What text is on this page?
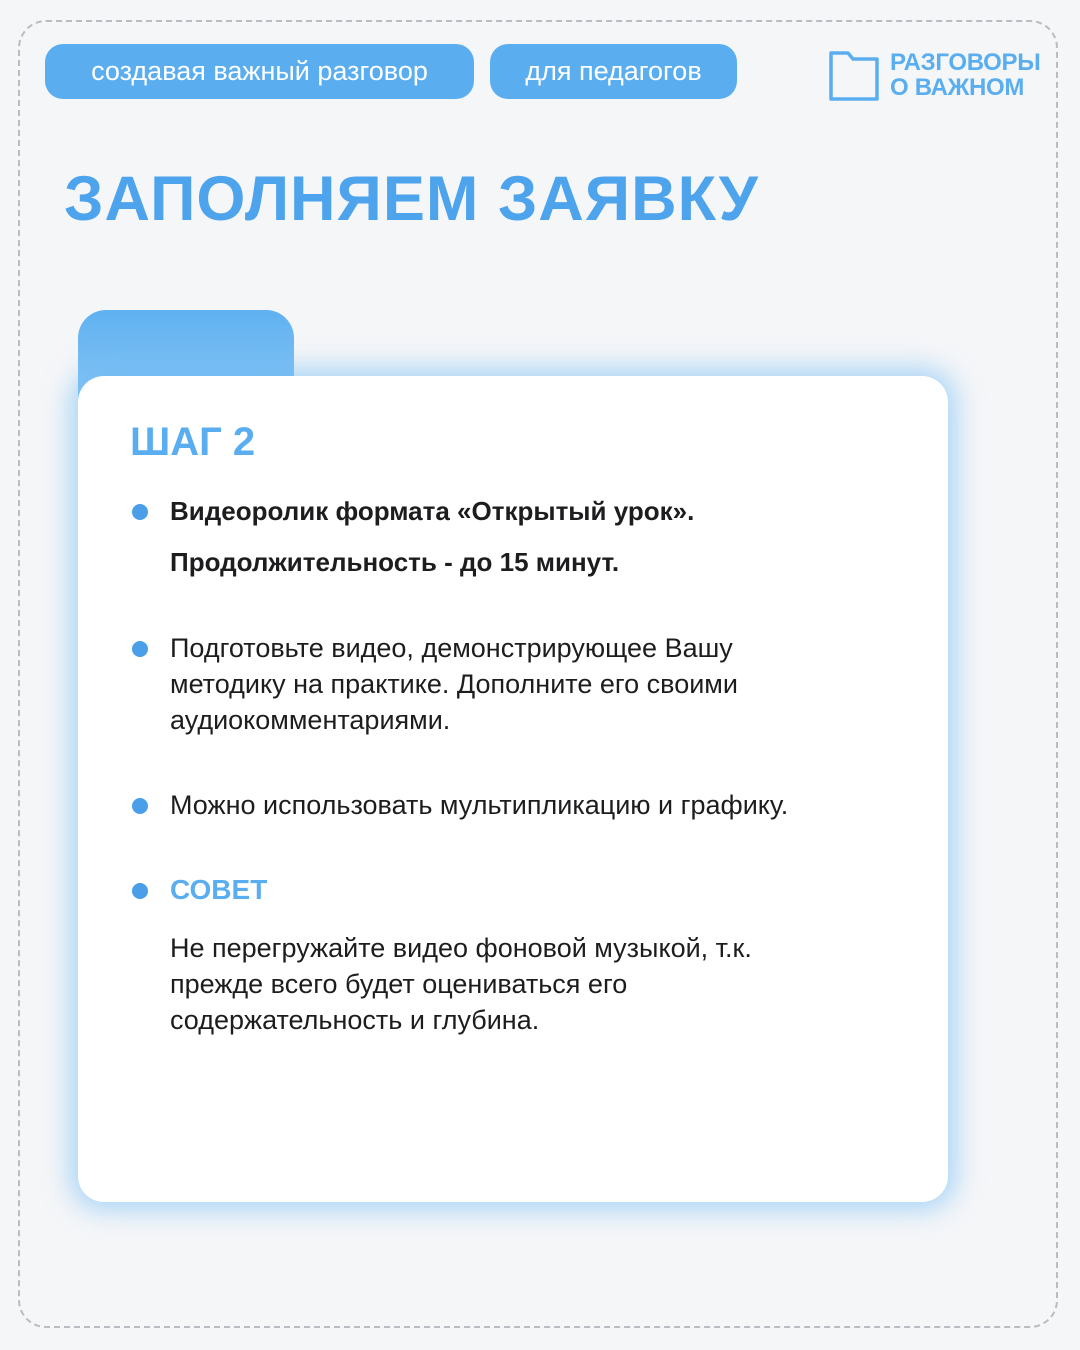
создавая важный разговор	для педагогов	РАЗГОВОРЫ
О ВАЖНОМ
ЗАПОЛНЯЕМ ЗАЯВКУ
ШАГ 2
Видеоролик формата «Открытый урок».
Продолжительность - до 15 минут.
Подготовьте видео, демонстрирующее Вашу методику на практике. Дополните его своими аудиокомментариями.
Можно использовать мультипликацию и графику.
СОВЕТ
Не перегружайте видео фоновой музыкой, т.к. прежде всего будет оцениваться его содержательность и глубина.
